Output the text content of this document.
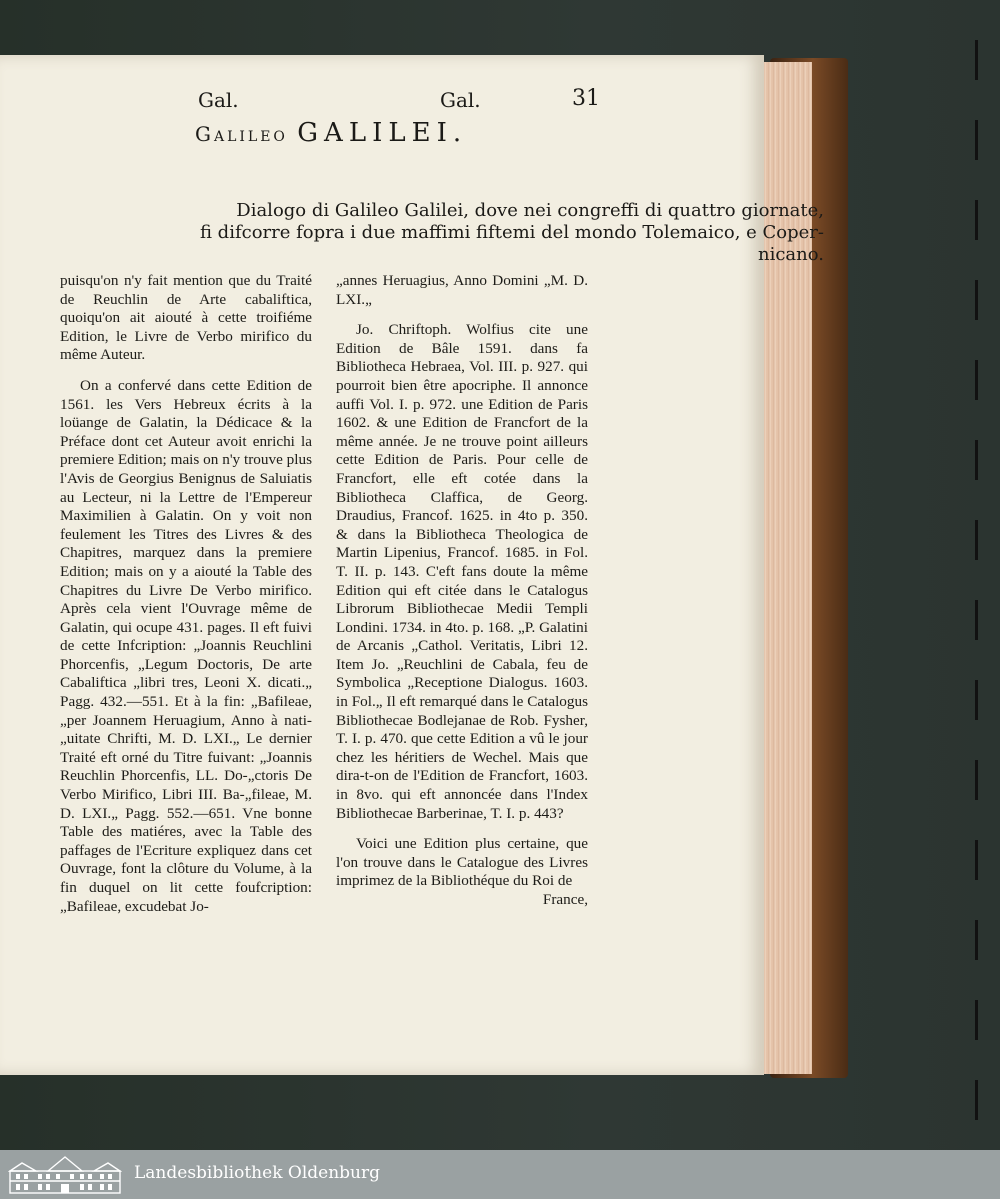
Gal.	Gal.	31
Galileo GALILEI.
Dialogo di Galileo Galilei, dove nei congreffi di quattro giornate,
fi difcorre fopra i due maffimi fiftemi del mondo Tolemaico, e Coper-
nicano.

puisqu'on n'y fait mention que du Traité de Reuchlin de Arte cabaliftica, quoiqu'on ait aiouté à cette troifiéme Edition, le Livre de Verbo mirifico du même Auteur.

On a confervé dans cette Edition de 1561. les Vers Hebreux écrits à la loüange de Galatin, la Dédicace & la Préface dont cet Auteur avoit enrichi la premiere Edition; mais on n'y trouve plus l'Avis de Georgius Benignus de Saluiatis au Lecteur, ni la Lettre de l'Empereur Maximilien à Galatin. On y voit non feulement les Titres des Livres & des Chapitres, marquez dans la premiere Edition; mais on y a aiouté la Table des Chapitres du Livre De Verbo mirifico. Après cela vient l'Ouvrage même de Galatin, qui ocupe 431. pages. Il eft fuivi de cette Infcription: „Joannis Reuchlini Phorcenfis, „Legum Doctoris, De arte Cabaliftica „libri tres, Leoni X. dicati.„ Pagg. 432.—551. Et à la fin: „Bafileae, „per Joannem Heruagium, Anno à nati-„uitate Chrifti, M. D. LXI.„ Le dernier Traité eft orné du Titre fuivant: „Joannis Reuchlin Phorcenfis, LL. Do-„ctoris De Verbo Mirifico, Libri III. Ba-„fileae, M. D. LXI.„ Pagg. 552.—651. Vne bonne Table des matiéres, avec la Table des paffages de l'Ecriture expliquez dans cet Ouvrage, font la clôture du Volume, à la fin duquel on lit cette foufcription: „Bafileae, excudebat Jo-

„annes Heruagius, Anno Domini „M. D. LXI.„

Jo. Chriftoph. Wolfius cite une Edition de Bâle 1591. dans fa Bibliotheca Hebraea, Vol. III. p. 927. qui pourroit bien être apocriphe. Il annonce auffi Vol. I. p. 972. une Edition de Paris 1602. & une Edition de Francfort de la même année. Je ne trouve point ailleurs cette Edition de Paris. Pour celle de Francfort, elle eft cotée dans la Bibliotheca Claffica, de Georg. Draudius, Francof. 1625. in 4to p. 350. & dans la Bibliotheca Theologica de Martin Lipenius, Francof. 1685. in Fol. T. II. p. 143. C'eft fans doute la même Edition qui eft citée dans le Catalogus Librorum Bibliothecae Medii Templi Londini. 1734. in 4to. p. 168. „P. Galatini de Arcanis „Cathol. Veritatis, Libri 12. Item Jo. „Reuchlini de Cabala, feu de Symbolica „Receptione Dialogus. 1603. in Fol.„ Il eft remarqué dans le Catalogus Bibliothecae Bodlejanae de Rob. Fysher, T. I. p. 470. que cette Edition a vû le jour chez les héritiers de Wechel. Mais que dira-t-on de l'Edition de Francfort, 1603. in 8vo. qui eft annoncée dans l'Index Bibliothecae Barberinae, T. I. p. 443?

Voici une Edition plus certaine, que l'on trouve dans le Catalogue des Livres imprimez de la Bibliothéque du Roi de

France,

Landesbibliothek Oldenburg
